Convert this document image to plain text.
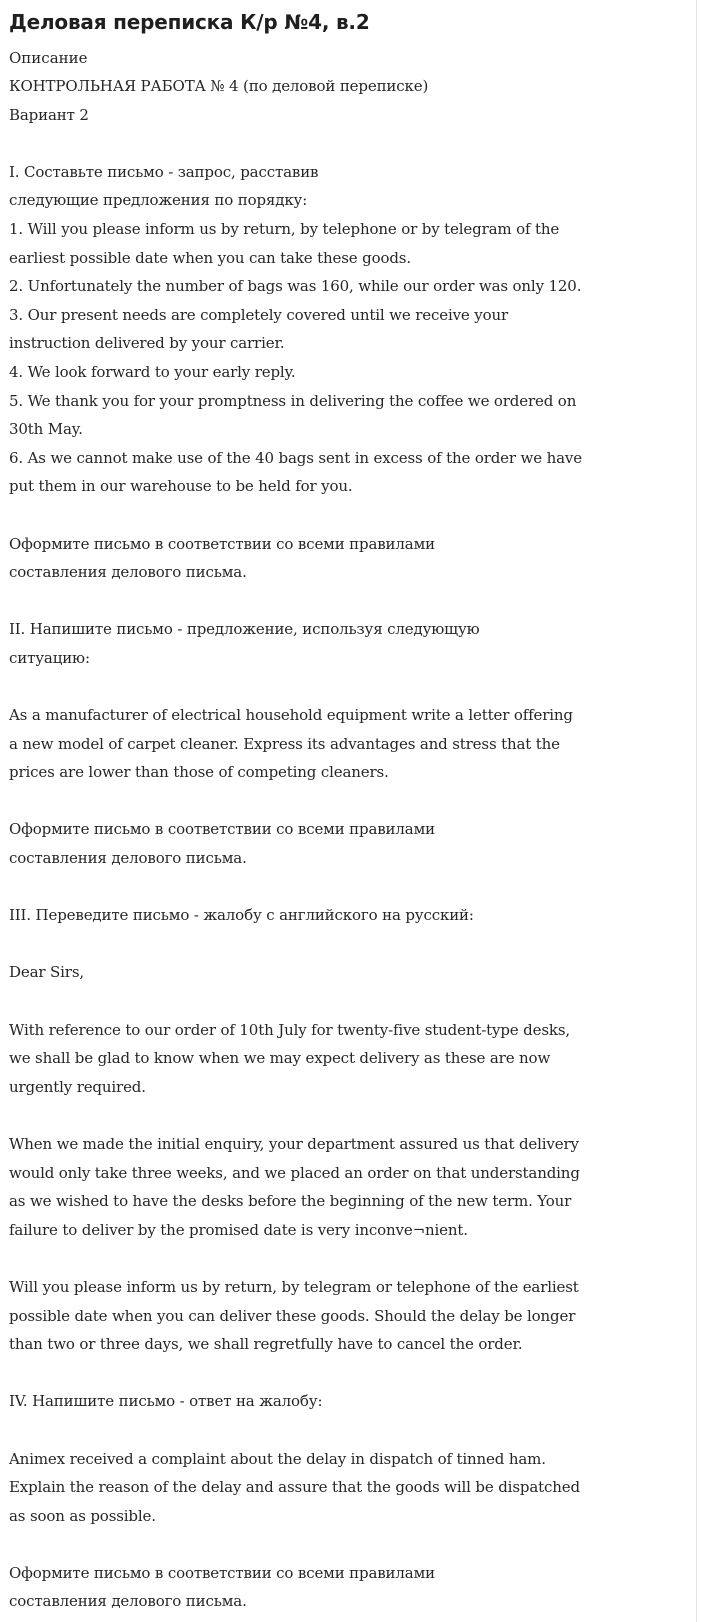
Деловая переписка К/р №4, в.2
Описание
КОНТРОЛЬНАЯ РАБОТА № 4 (по деловой переписке)
Вариант 2

I. Составьте письмо - запрос, расставив
следующие предложения по порядку:
1. Will you please inform us by return, by telephone or by telegram of the
earliest possible date when you can take these goods.
2. Unfortunately the number of bags was 160, while our order was only 120.
3. Our present needs are completely covered until we receive your
instruction delivered by your carrier.
4. We look forward to your early reply.
5. We thank you for your promptness in delivering the coffee we ordered on
30th May.
6. As we cannot make use of the 40 bags sent in excess of the order we have
put them in our warehouse to be held for you.

Оформите письмо в соответствии со всеми правилами
составления делового письма.

II. Напишите письмо - предложение, используя следующую
ситуацию:

As a manufacturer of electrical household equipment write a letter offering
a new model of carpet cleaner. Express its advantages and stress that the
prices are lower than those of competing cleaners.

Оформите письмо в соответствии со всеми правилами
составления делового письма.

III. Переведите письмо - жалобу с английского на русский:

Dear Sirs,

With reference to our order of 10th July for twenty-five student-type desks,
we shall be glad to know when we may expect delivery as these are now
urgently required.

When we made the initial enquiry, your department assured us that delivery
would only take three weeks, and we placed an order on that understanding
as we wished to have the desks before the beginning of the new term. Your
failure to deliver by the promised date is very inconve¬nient.

Will you please inform us by return, by telegram or telephone of the earliest
possible date when you can deliver these goods. Should the delay be longer
than two or three days, we shall regretfully have to cancel the order.

IV. Напишите письмо - ответ на жалобу:

Animex received a complaint about the delay in dispatch of tinned ham.
Explain the reason of the delay and assure that the goods will be dispatched
as soon as possible.

Оформите письмо в соответствии со всеми правилами
составления делового письма.
